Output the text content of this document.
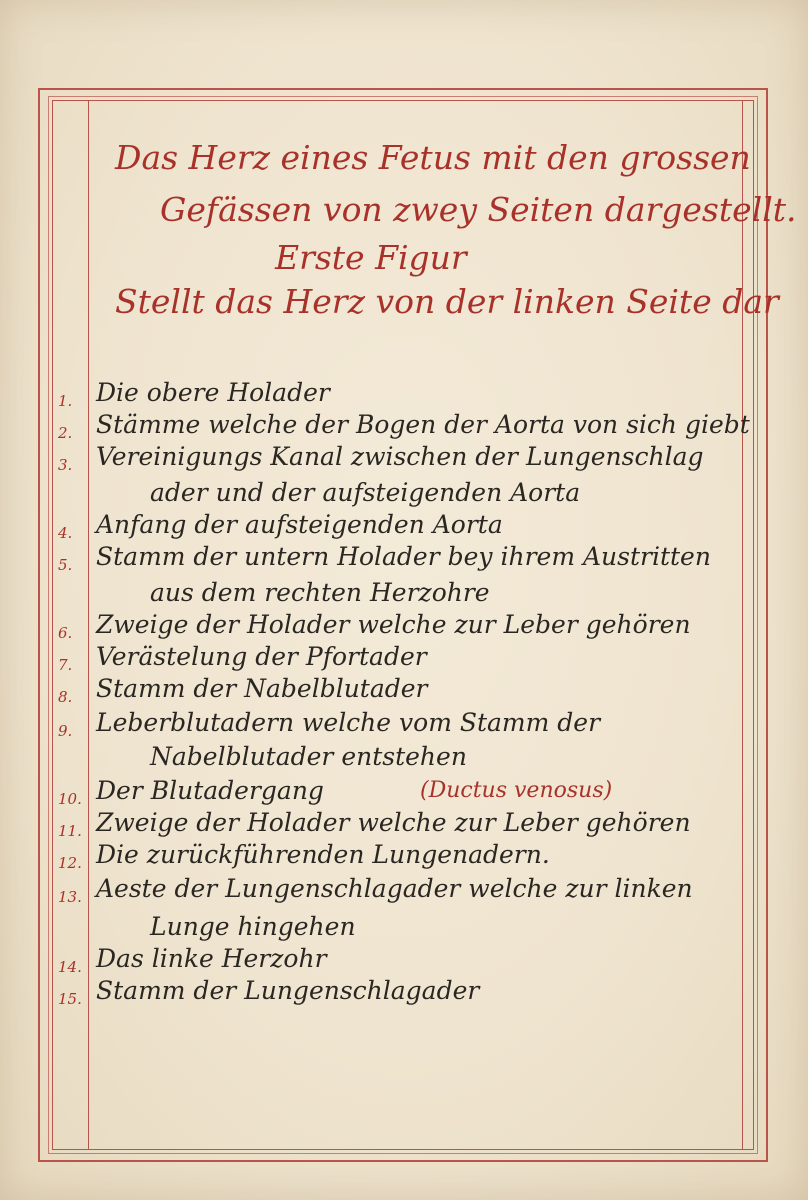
Das Herz eines Fetus mit den grossen
Gefässen von zwey Seiten dargestellt.
Erste Figur
Stellt das Herz von der linken Seite dar
1. Die obere Holader
2. Stämme welche der Bogen der Aorta von sich giebt
3. Vereinigungs Kanal zwischen der Lungenschlag
ader und der aufsteigenden Aorta
4. Anfang der aufsteigenden Aorta
5. Stamm der untern Holader bey ihrem Austritten
aus dem rechten Herzohre
6. Zweige der Holader welche zur Leber gehören
7. Verästelung der Pfortader
8. Stamm der Nabelblutader
9. Leberblutadern welche vom Stamm der
Nabelblutader entstehen
10. Der Blutadergang	(Ductus venosus)
11. Zweige der Holader welche zur Leber gehören
12. Die zurückführenden Lungenadern.
13. Aeste der Lungenschlagader welche zur linken
Lunge hingehen
14. Das linke Herzohr
15. Stamm der Lungenschlagader
